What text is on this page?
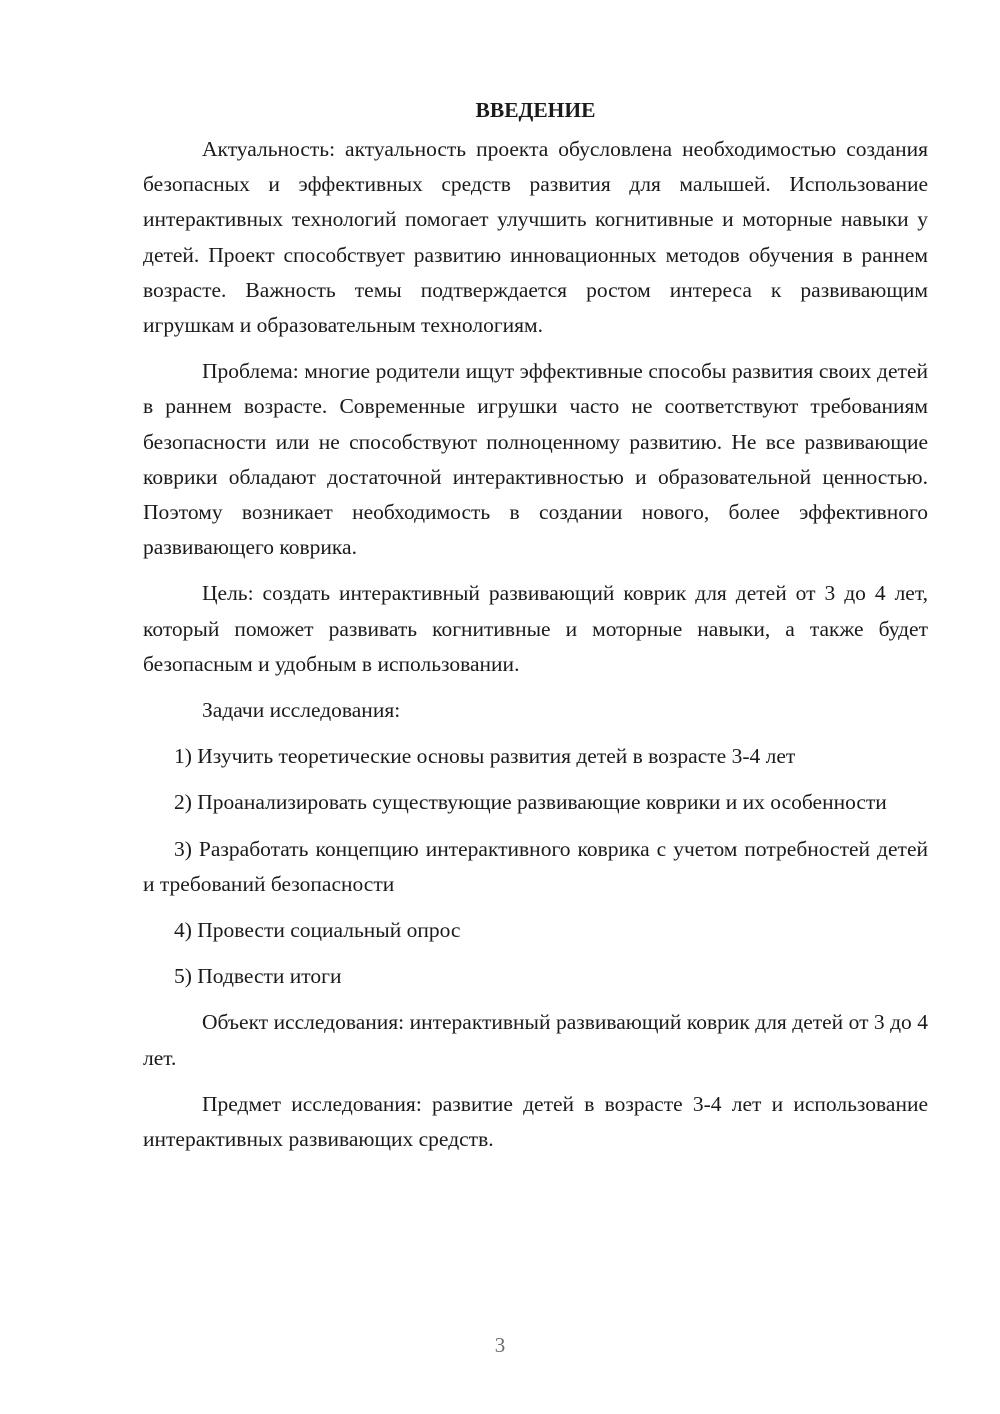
ВВЕДЕНИЕ

Актуальность: актуальность проекта обусловлена необходимостью создания безопасных и эффективных средств развития для малышей. Использование интерактивных технологий помогает улучшить когнитивные и моторные навыки у детей. Проект способствует развитию инновационных методов обучения в раннем возрасте. Важность темы подтверждается ростом интереса к развивающим игрушкам и образовательным технологиям.

Проблема: многие родители ищут эффективные способы развития своих детей в раннем возрасте. Современные игрушки часто не соответствуют требованиям безопасности или не способствуют полноценному развитию. Не все развивающие коврики обладают достаточной интерактивностью и образовательной ценностью. Поэтому возникает необходимость в создании нового, более эффективного развивающего коврика.

Цель: создать интерактивный развивающий коврик для детей от 3 до 4 лет, который поможет развивать когнитивные и моторные навыки, а также будет безопасным и удобным в использовании.

Задачи исследования:

1) Изучить теоретические основы развития детей в возрасте 3-4 лет

2) Проанализировать существующие развивающие коврики и их особенности

3) Разработать концепцию интерактивного коврика с учетом потребностей детей и требований безопасности

4) Провести социальный опрос

5) Подвести итоги

Объект исследования: интерактивный развивающий коврик для детей от 3 до 4 лет.

Предмет исследования: развитие детей в возрасте 3-4 лет и использование интерактивных развивающих средств.

3
